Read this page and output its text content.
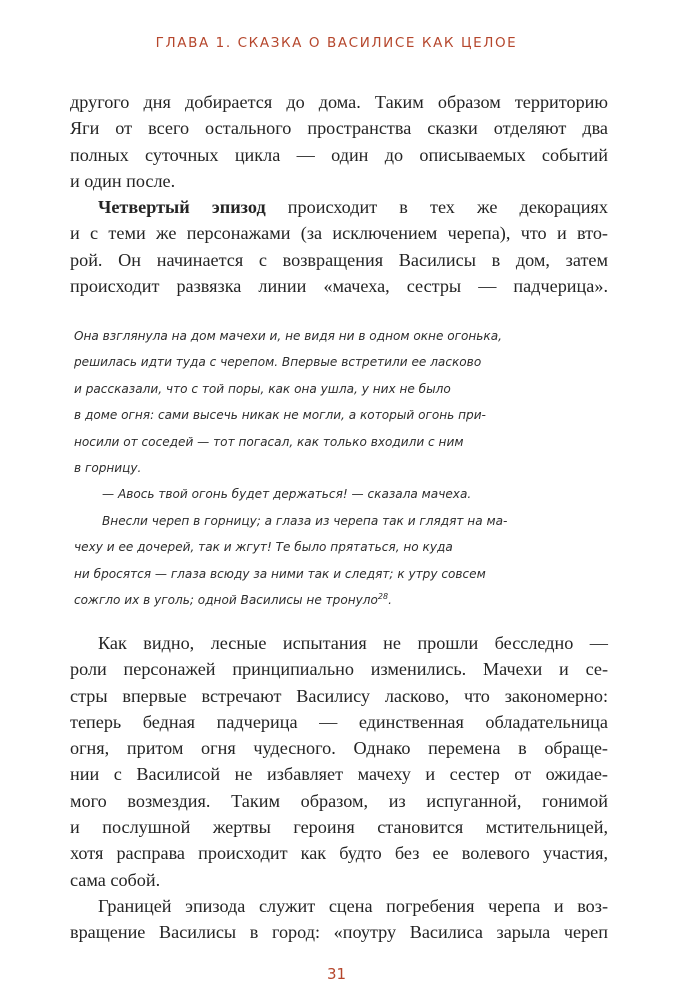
ГЛАВА 1. СКАЗКА О ВАСИЛИСЕ КАК ЦЕЛОЕ

другого дня добирается до дома. Таким образом территорию

Яги от всего остального пространства сказки отделяют два

полных суточных цикла — один до описываемых событий

и один после.

Четвертый эпизод происходит в тех же декорациях

и с теми же персонажами (за исключением черепа), что и вто-

рой. Он начинается с возвращения Василисы в дом, затем

происходит развязка линии «мачеха, сестры — падчерица».

Она взглянула на дом мачехи и, не видя ни в одном окне огонька,

решилась идти туда с черепом. Впервые встретили ее ласково

и рассказали, что с той поры, как она ушла, у них не было

в доме огня: сами высечь никак не могли, а который огонь при-

носили от соседей — тот погасал, как только входили с ним

в горницу.

— Авось твой огонь будет держаться! — сказала мачеха.

Внесли череп в горницу; а глаза из черепа так и глядят на ма-

чеху и ее дочерей, так и жгут! Те было прятаться, но куда

ни бросятся — глаза всюду за ними так и следят; к утру совсем

сожгло их в уголь; одной Василисы не тронуло$^{28}$.

Как видно, лесные испытания не прошли бесследно —

роли персонажей принципиально изменились. Мачехи и се-

стры впервые встречают Василису ласково, что закономерно:

теперь бедная падчерица — единственная обладательница

огня, притом огня чудесного. Однако перемена в обраще-

нии с Василисой не избавляет мачеху и сестер от ожидае-

мого возмездия. Таким образом, из испуганной, гонимой

и послушной жертвы героиня становится мстительницей,

хотя расправа происходит как будто без ее волевого участия,

сама собой.

Границей эпизода служит сцена погребения черепа и воз-

вращение Василисы в город: «поутру Василиса зарыла череп

31
